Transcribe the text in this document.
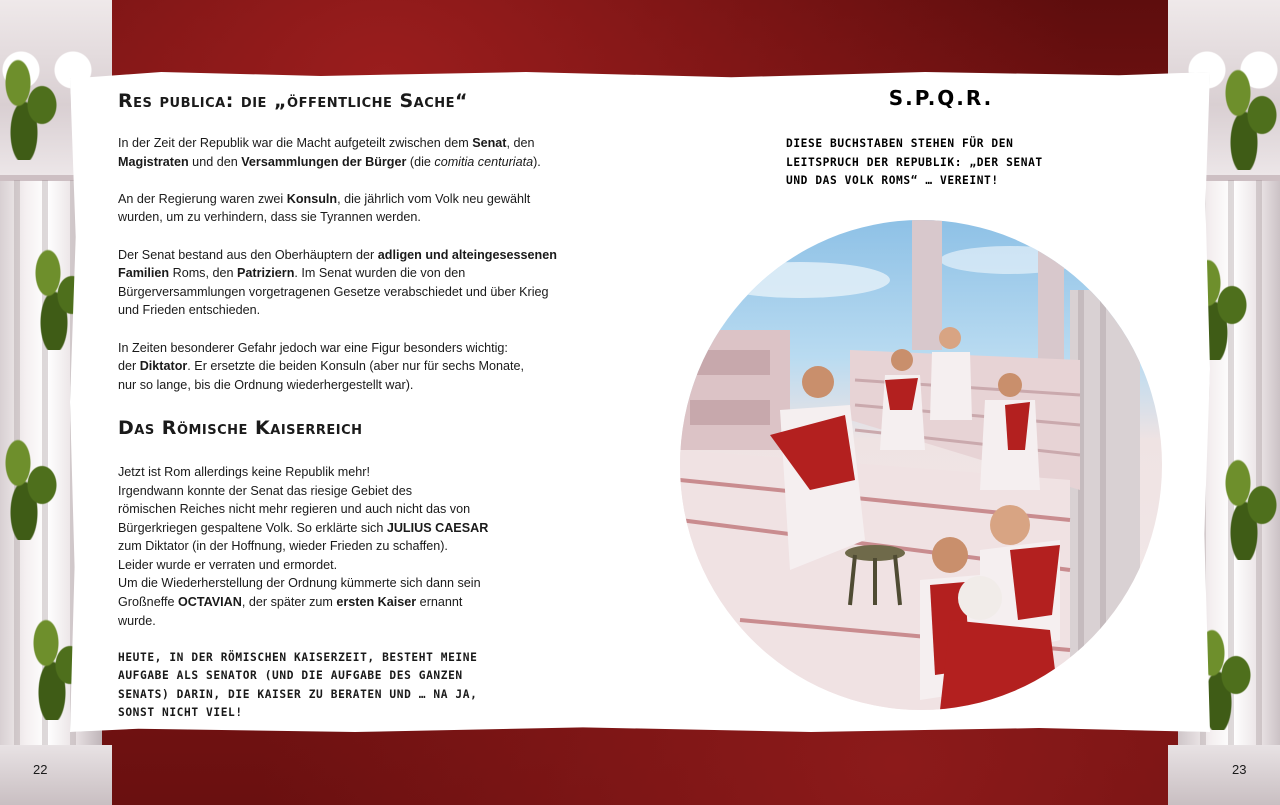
Res publica: die „öffentliche Sache“

In der Zeit der Republik war die Macht aufgeteilt zwischen dem Senat, den
Magistraten und den Versammlungen der Bürger (die comitia centuriata).

An der Regierung waren zwei Konsuln, die jährlich vom Volk neu gewählt
wurden, um zu verhindern, dass sie Tyrannen werden.

Der Senat bestand aus den Oberhäuptern der adligen und alteingesessenen
Familien Roms, den Patriziern. Im Senat wurden die von den
Bürgerversammlungen vorgetragenen Gesetze verabschiedet und über Krieg
und Frieden entschieden.

In Zeiten besonderer Gefahr jedoch war eine Figur besonders wichtig:
der Diktator. Er ersetzte die beiden Konsuln (aber nur für sechs Monate,
nur so lange, bis die Ordnung wiederhergestellt war).

Das Römische Kaiserreich

Jetzt ist Rom allerdings keine Republik mehr!
Irgendwann konnte der Senat das riesige Gebiet des
römischen Reiches nicht mehr regieren und auch nicht das von
Bürgerkriegen gespaltene Volk. So erklärte sich JULIUS CAESAR
zum Diktator (in der Hoffnung, wieder Frieden zu schaffen).
Leider wurde er verraten und ermordet.
Um die Wiederherstellung der Ordnung kümmerte sich dann sein
Großneffe OCTAVIAN, der später zum ersten Kaiser ernannt
wurde.

HEUTE, IN DER RÖMISCHEN KAISERZEIT, BESTEHT MEINE
AUFGABE ALS SENATOR (UND DIE AUFGABE DES GANZEN
SENATS) DARIN, DIE KAISER ZU BERATEN UND … NA JA,
SONST NICHT VIEL!

S.P.Q.R.

DIESE BUCHSTABEN STEHEN FÜR DEN
LEITSPRUCH DER REPUBLIK: „DER SENAT
UND DAS VOLK ROMS“ … VEREINT!

22	23
